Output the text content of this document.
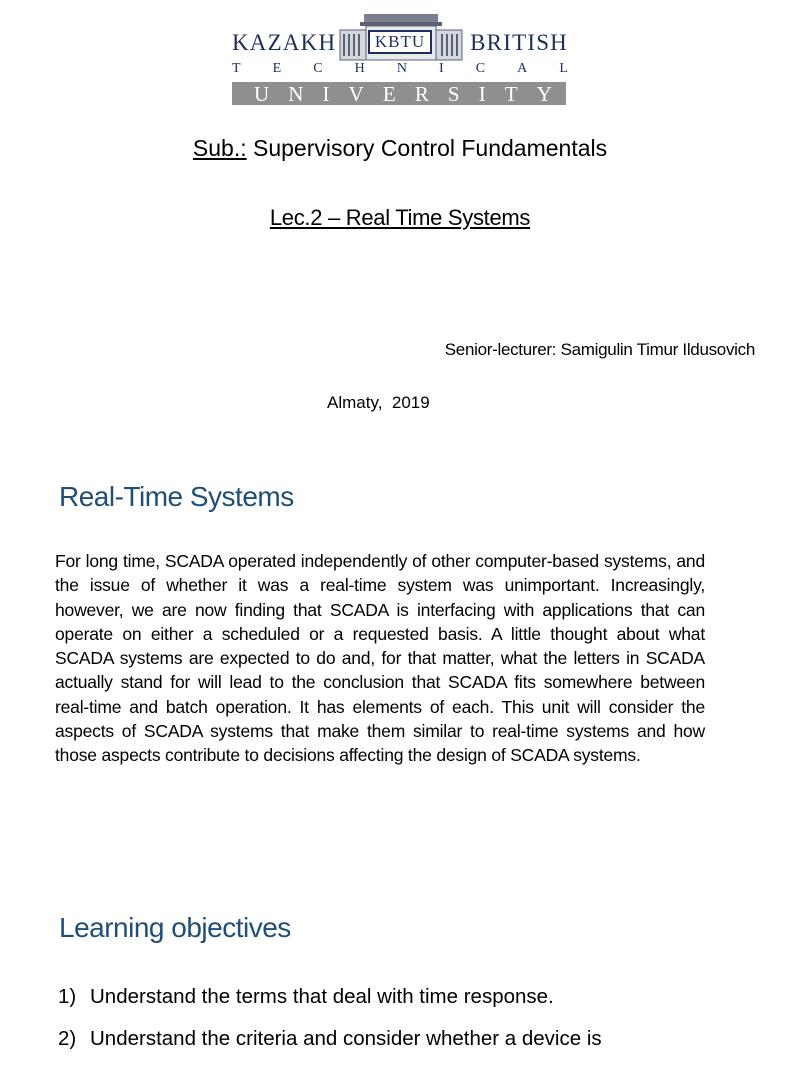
KAZAKH	KBTU BRITISH
T E C H N I C A L
U N I V E R S I T Y
Sub.: Supervisory Control Fundamentals
Lec.2 – Real Time Systems
Senior-lecturer: Samigulin Timur Ildusovich
Almaty,  2019
Real-Time Systems

For long time, SCADA operated independently of other computer-based systems, and the issue of whether it was a real-time system was unimportant. Increasingly, however, we are now finding that SCADA is interfacing with applications that can operate on either a scheduled or a requested basis. A little thought about what SCADA systems are expected to do and, for that matter, what the letters in SCADA actually stand for will lead to the conclusion that SCADA fits somewhere between real-time and batch operation. It has elements of each. This unit will consider the aspects of SCADA systems that make them similar to real-time systems and how those aspects contribute to decisions affecting the design of SCADA systems.

Learning objectives
1) Understand the terms that deal with time response.
2) Understand the criteria and consider whether a device is
